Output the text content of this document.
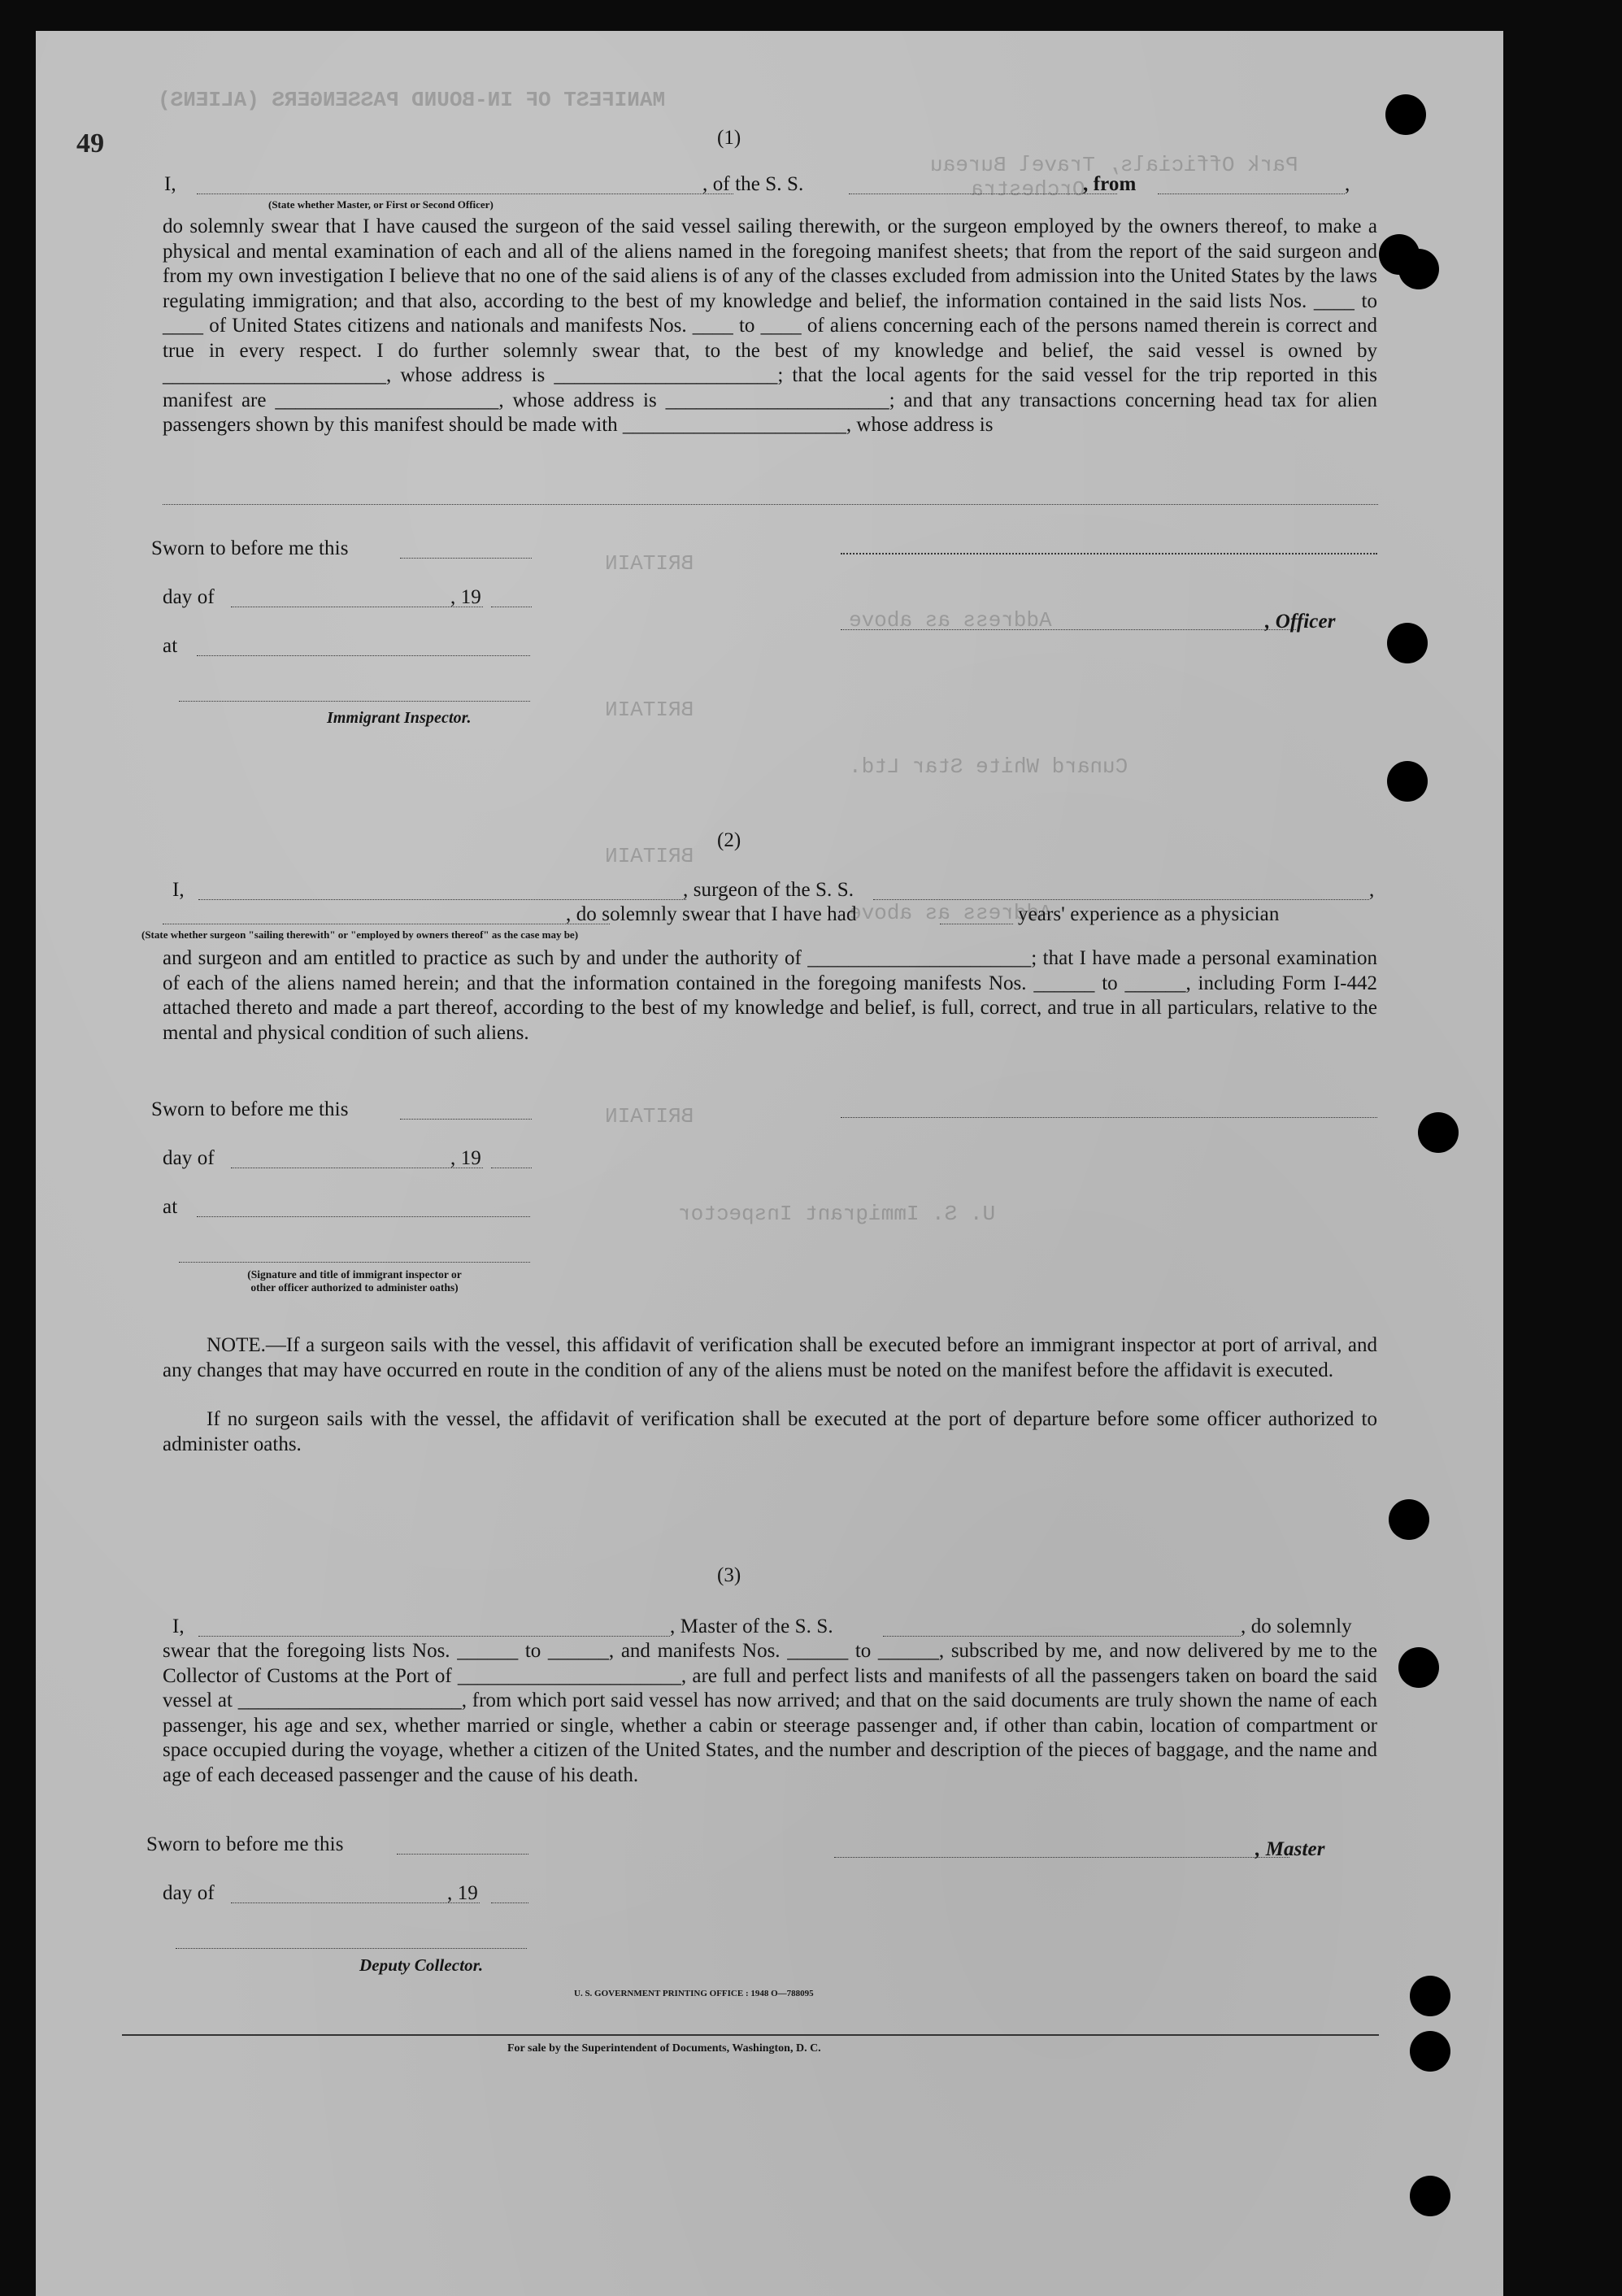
MANIFEST OF IN-BOUND PASSENGERS (ALIENS)
Park Officials, Travel Bureau
Orchestra
BRITAIN
Address as above
BRITAIN
Cunard White Star Ltd.
BRITAIN
Address as above
BRITAIN
U. S. Immigrant Inspector
49	(1)
I,	, of the S. S.	, from	,
(State whether Master, or First or Second Officer)
do solemnly swear that I have caused the surgeon of the said vessel sailing therewith, or the surgeon employed by the owners thereof, to make a physical and mental examination of each and all of the aliens named in the foregoing manifest sheets; that from the report of the said surgeon and from my own investigation I believe that no one of the said aliens is of any of the classes excluded from admission into the United States by the laws regulating immigration; and that also, according to the best of my knowledge and belief, the information contained in the said lists Nos. ____ to ____ of United States citizens and nationals and manifests Nos. ____ to ____ of aliens concerning each of the persons named therein is correct and true in every respect. I do further solemnly swear that, to the best of my knowledge and belief, the said vessel is owned by ______________________, whose address is ______________________; that the local agents for the said vessel for the trip reported in this manifest are ______________________, whose address is ______________________; and that any transactions concerning head tax for alien passengers shown by this manifest should be made with ______________________, whose address is
Sworn to before me this
day of	, 19
, Officer
at
Immigrant Inspector.
(2)
I,	, surgeon of the S. S.	,
, do solemnly swear that I have had	years' experience as a physician
(State whether surgeon "sailing therewith" or "employed by owners thereof" as the case may be)
and surgeon and am entitled to practice as such by and under the authority of ______________________; that I have made a personal examination of each of the aliens named herein; and that the information contained in the foregoing manifests Nos. ______ to ______, including Form I-442 attached thereto and made a part thereof, according to the best of my knowledge and belief, is full, correct, and true in all particulars, relative to the mental and physical condition of such aliens.
Sworn to before me this
day of	, 19
at
(Signature and title of immigrant inspector or
other officer authorized to administer oaths)
NOTE.—If a surgeon sails with the vessel, this affidavit of verification shall be executed before an immigrant inspector at port of arrival, and any changes that may have occurred en route in the condition of any of the aliens must be noted on the manifest before the affidavit is executed.
If no surgeon sails with the vessel, the affidavit of verification shall be executed at the port of departure before some officer authorized to administer oaths.
(3)
I,	, Master of the S. S.	, do solemnly
swear that the foregoing lists Nos. ______ to ______, and manifests Nos. ______ to ______, subscribed by me, and now delivered by me to the Collector of Customs at the Port of ______________________, are full and perfect lists and manifests of all the passengers taken on board the said vessel at ______________________, from which port said vessel has now arrived; and that on the said documents are truly shown the name of each passenger, his age and sex, whether married or single, whether a cabin or steerage passenger and, if other than cabin, location of compartment or space occupied during the voyage, whether a citizen of the United States, and the number and description of the pieces of baggage, and the name and age of each deceased passenger and the cause of his death.
Sworn to before me this	, Master
day of	, 19
Deputy Collector.
U. S. GOVERNMENT PRINTING OFFICE : 1948 O—788095
For sale by the Superintendent of Documents, Washington, D. C.
